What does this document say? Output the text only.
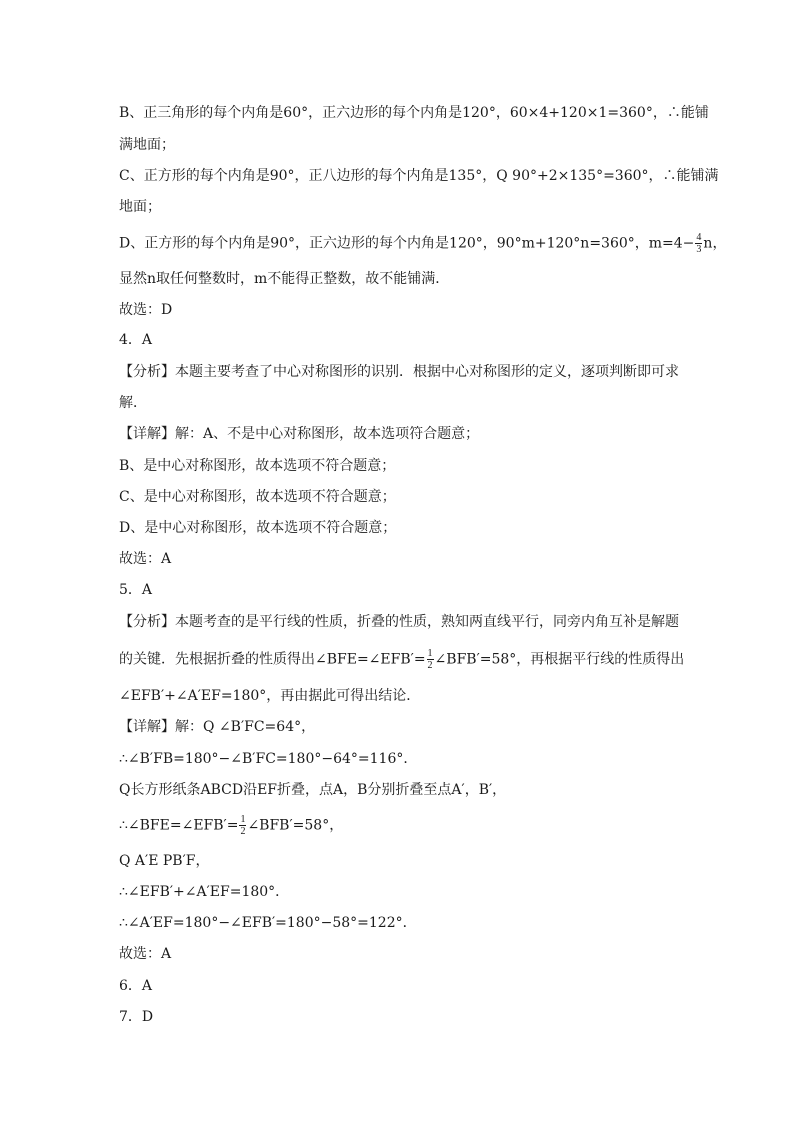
B、正三角形的每个内角是60°，正六边形的每个内角是120°，60×4+120×1=360°，∴能铺
满地面；
C、正方形的每个内角是90°，正八边形的每个内角是135°，Q 90°+2×135°=360°，∴能铺满
地面；
D、正方形的每个内角是90°，正六边形的每个内角是120°，90°m+120°n=360°，$m=4- \frac{4}{3}$ n，
显然n取任何整数时，m不能得正整数，故不能铺满．
故选：D
4．A
【分析】本题主要考查了中心对称图形的识别．根据中心对称图形的定义，逐项判断即可求
解．
【详解】解：A、不是中心对称图形，故本选项符合题意；
B、是中心对称图形，故本选项不符合题意；
C、是中心对称图形，故本选项不符合题意；
D、是中心对称图形，故本选项不符合题意；
故选：A
5．A
【分析】本题考查的是平行线的性质，折叠的性质，熟知两直线平行，同旁内角互补是解题
的关键．先根据折叠的性质得出∠BFE=∠EFB′= $\frac{1}{2}$ ∠BFB′=58°，再根据平行线的性质得出
∠EFB′+∠A′EF=180°，再由据此可得出结论．
【详解】解：Q ∠B′FC=64°，
∴∠B′FB=180°−∠B′FC=180°−64°=116°．
Q长方形纸条ABCD沿EF折叠，点A，B分别折叠至点A′，B′，
∴∠BFE=∠EFB′= $\frac{1}{2}$ ∠BFB′=58°，
Q A′E PB′F，
∴∠EFB′+∠A′EF=180°．
∴∠A′EF=180°−∠EFB′=180°−58°=122°．
故选：A
6．A
7．D
